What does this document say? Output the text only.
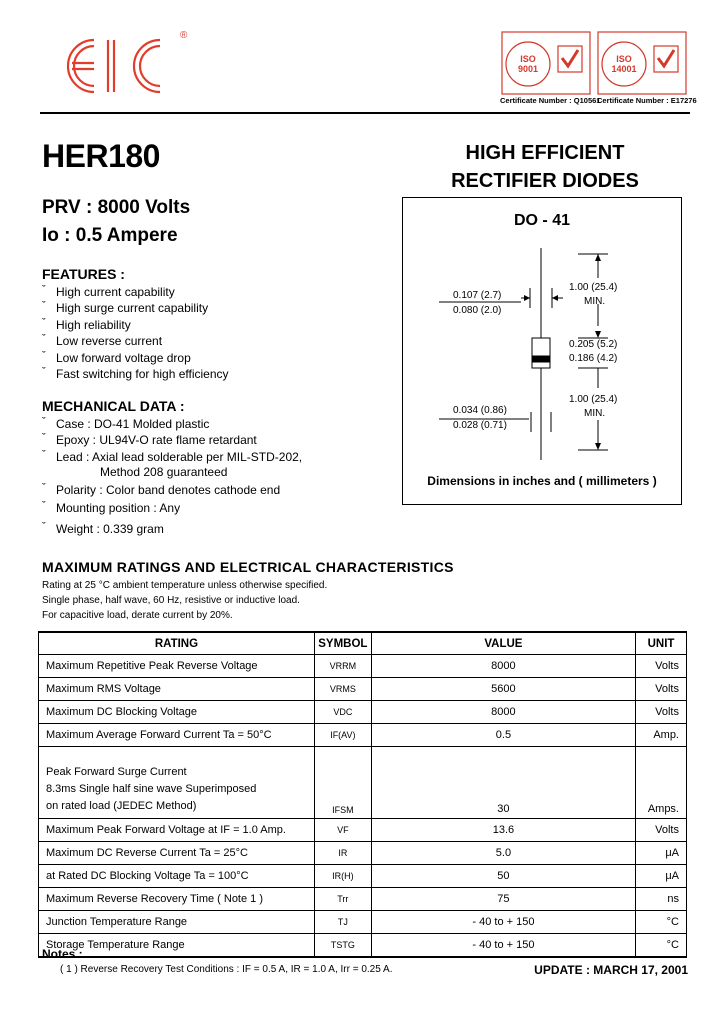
®
ISO 9001
ISO 14001
Certificate Number : Q10561
Certificate Number : E17276
HER180
PRV : 8000 Volts
Io : 0.5 Ampere
HIGH EFFICIENT
RECTIFIER DIODES
FEATURES :
ˇ High current capability
ˇ High surge current capability
ˇ High reliability
ˇ Low reverse current
ˇ Low forward voltage drop
ˇ Fast switching for high efficiency
MECHANICAL DATA :
ˇ Case : DO-41 Molded plastic
ˇ Epoxy : UL94V-O rate flame retardant
ˇ Lead : Axial lead solderable per MIL-STD-202,
Method 208 guaranteed
ˇ Polarity : Color band denotes cathode end
ˇ Mounting position : Any
ˇ Weight : 0.339 gram
DO - 41
0.107 (2.7)
0.080 (2.0)
1.00 (25.4)
MIN.
0.205 (5.2)
0.186 (4.2)
1.00 (25.4)
MIN.
0.034 (0.86)
0.028 (0.71)
Dimensions in inches and ( millimeters )
MAXIMUM RATINGS AND ELECTRICAL CHARACTERISTICS
Rating at 25 °C ambient temperature unless otherwise specified.
Single phase, half wave, 60 Hz, resistive or inductive load.
For capacitive load, derate current by 20%.
RATING	SYMBOL	VALUE	UNIT
Maximum Repetitive Peak Reverse Voltage	VRRM	8000	Volts
Maximum RMS Voltage	VRMS	5600	Volts
Maximum DC Blocking Voltage	VDC	8000	Volts
Maximum Average Forward Current Ta = 50°C	IF(AV)	0.5	Amp.

Peak Forward Surge Current
8.3ms Single half sine wave Superimposed
on rated load (JEDEC Method)	IFSM	30	Amps.
Maximum Peak Forward Voltage at IF = 1.0 Amp.	VF	13.6	Volts
Maximum DC Reverse Current Ta = 25°C	IR	5.0	μA
at Rated DC Blocking Voltage Ta = 100°C	IR(H)	50	μA
Maximum Reverse Recovery Time ( Note 1 )	Trr	75	ns
Junction Temperature Range	TJ	- 40 to + 150	°C
Storage Temperature Range	TSTG	- 40 to + 150	°C
Notes :
( 1 ) Reverse Recovery Test Conditions : IF = 0.5 A, IR = 1.0 A, Irr = 0.25 A.	UPDATE : MARCH 17, 2001
